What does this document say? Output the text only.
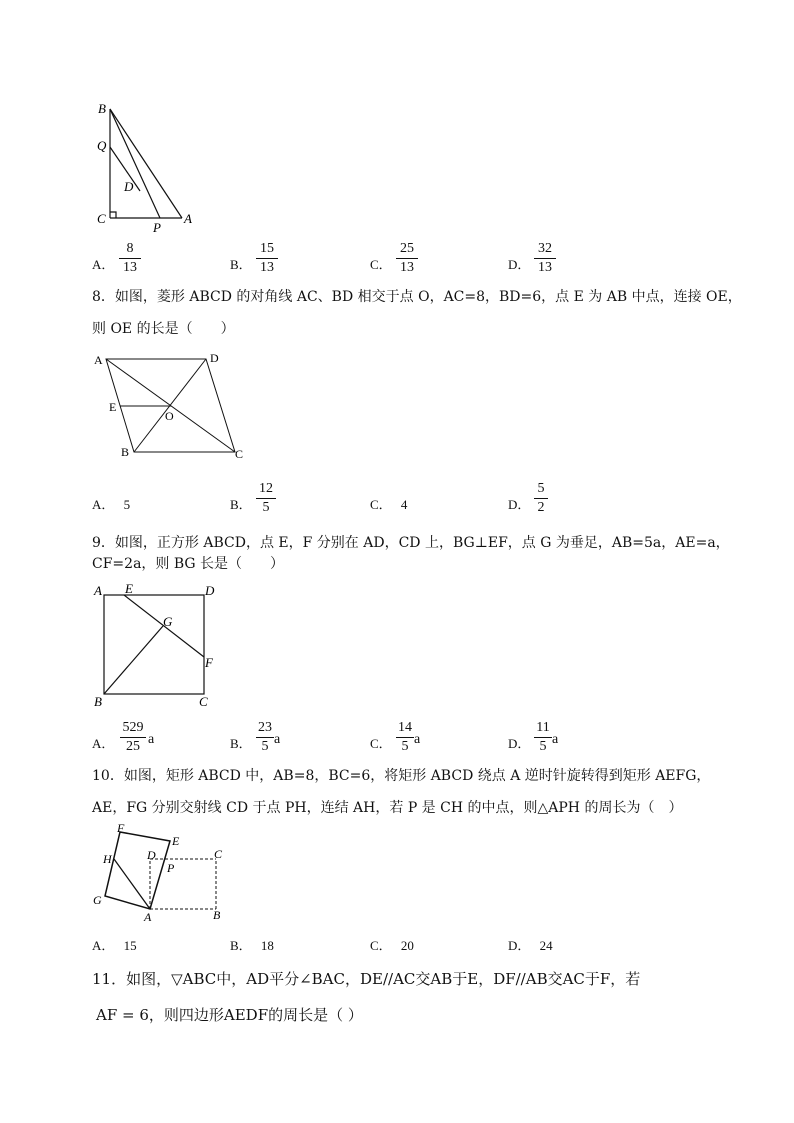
B
Q
D
C
P
A
A．
8
13	B．
15
13	C．
25
13	D．
32
13
8．如图，菱形 ABCD 的对角线 AC、BD 相交于点 O，AC=8，BD=6，点 E 为 AB 中点，连接 OE，
则 OE 的长是（　　）
A	D
E
O
B	C
A． 5	B．
12
5	C． 4	D．
5
2
9．如图，正方形 ABCD，点 E，F 分别在 AD，CD 上，BG⊥EF，点 G 为垂足，AB=5a，AE=a，
CF=2a，则 BG 长是（　　）
A E	D
G
F
B	C
A．
529
25 a	B．
23
5 a	C．
14
5 a	D．
11
5 a
10．如图，矩形 ABCD 中，AB=8，BC=6，将矩形 ABCD 绕点 A 逆时针旋转得到矩形 AEFG，
AE，FG 分别交射线 CD 于点 PH，连结 AH，若 P 是 CH 的中点，则△APH 的周长为（　）
F
E
H	D	C
P
G
A	B
A． 15	B． 18	C． 20	D． 24
11．如图，▽ABC中，AD平分∠BAC，DE//AC交AB于E，DF//AB交AC于F，若
AF = 6，则四边形AEDF的周长是（ ）
